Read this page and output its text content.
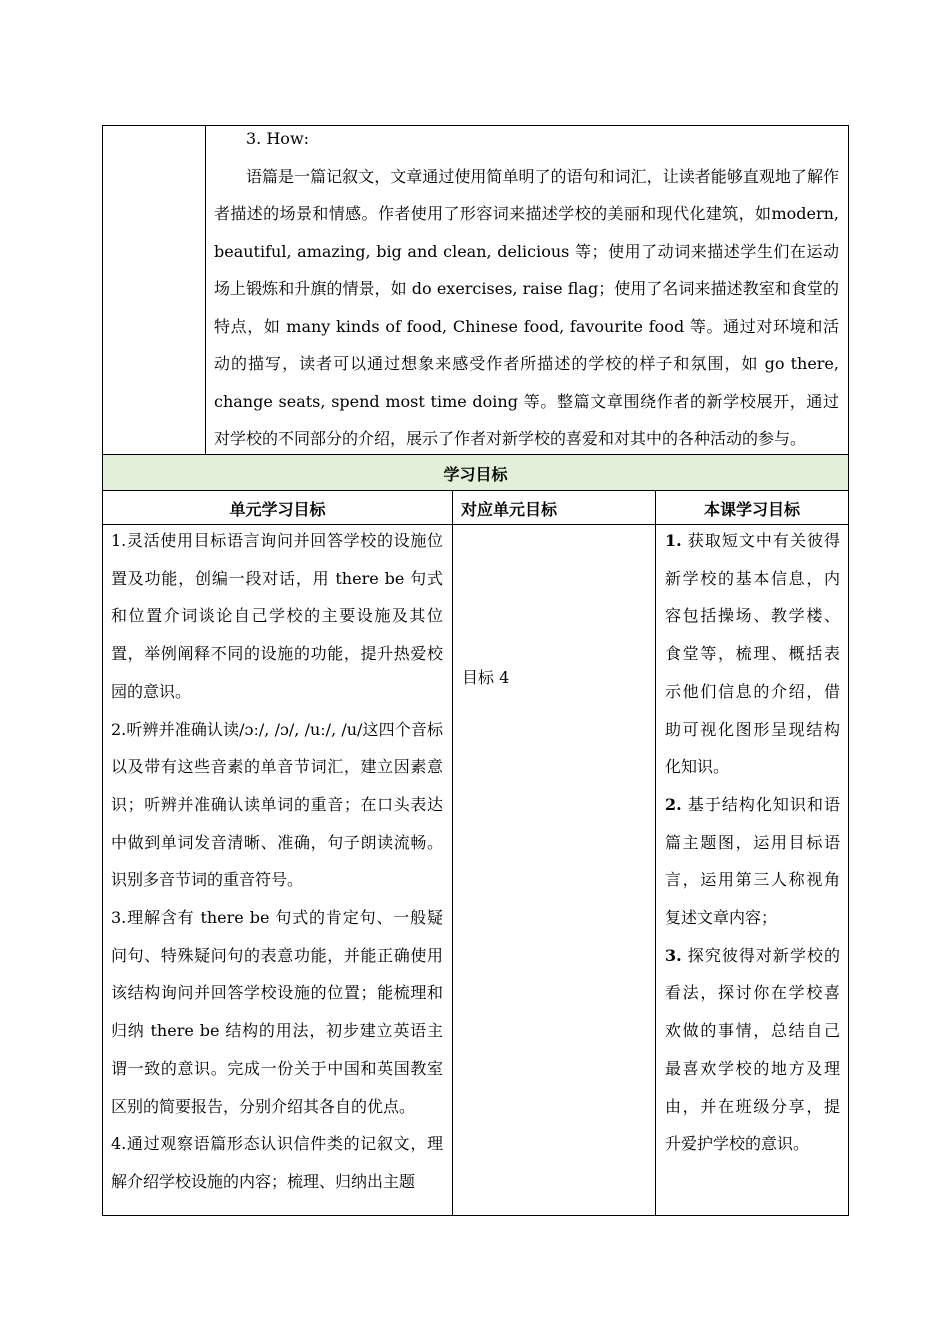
3. How:

语篇是一篇记叙文，文章通过使用简单明了的语句和词汇，让读者能够直观地了解作者描述的场景和情感。作者使用了形容词来描述学校的美丽和现代化建筑，如modern, beautiful, amazing, big and clean, delicious 等；使用了动词来描述学生们在运动场上锻炼和升旗的情景，如 do exercises, raise flag；使用了名词来描述教室和食堂的特点，如 many kinds of food, Chinese food, favourite food 等。通过对环境和活动的描写，读者可以通过想象来感受作者所描述的学校的样子和氛围，如 go there, change seats, spend most time doing 等。整篇文章围绕作者的新学校展开，通过对学校的不同部分的介绍，展示了作者对新学校的喜爱和对其中的各种活动的参与。

学习目标
单元学习目标	对应单元目标	本课学习目标

1.灵活使用目标语言询问并回答学校的设施位置及功能，创编一段对话，用 there be 句式和位置介词谈论自己学校的主要设施及其位置，举例阐释不同的设施的功能，提升热爱校园的意识。

2.听辨并准确认读/ɔː/, /ɔ/, /uː/, /u/这四个音标以及带有这些音素的单音节词汇，建立因素意识；听辨并准确认读单词的重音；在口头表达中做到单词发音清晰、准确，句子朗读流畅。识别多音节词的重音符号。

3.理解含有 there be 句式的肯定句、一般疑问句、特殊疑问句的表意功能，并能正确使用该结构询问并回答学校设施的位置；能梳理和归纳 there be 结构的用法，初步建立英语主谓一致的意识。完成一份关于中国和英国教室区别的简要报告，分别介绍其各自的优点。

4.通过观察语篇形态认识信件类的记叙文，理解介绍学校设施的内容；梳理、归纳出主题

目标 4

1. 获取短文中有关彼得新学校的基本信息，内容包括操场、教学楼、食堂等，梳理、概括表示他们信息的介绍，借助可视化图形呈现结构化知识。

2. 基于结构化知识和语篇主题图，运用目标语言，运用第三人称视角复述文章内容；

3. 探究彼得对新学校的看法，探讨你在学校喜欢做的事情，总结自己最喜欢学校的地方及理由，并在班级分享，提升爱护学校的意识。
